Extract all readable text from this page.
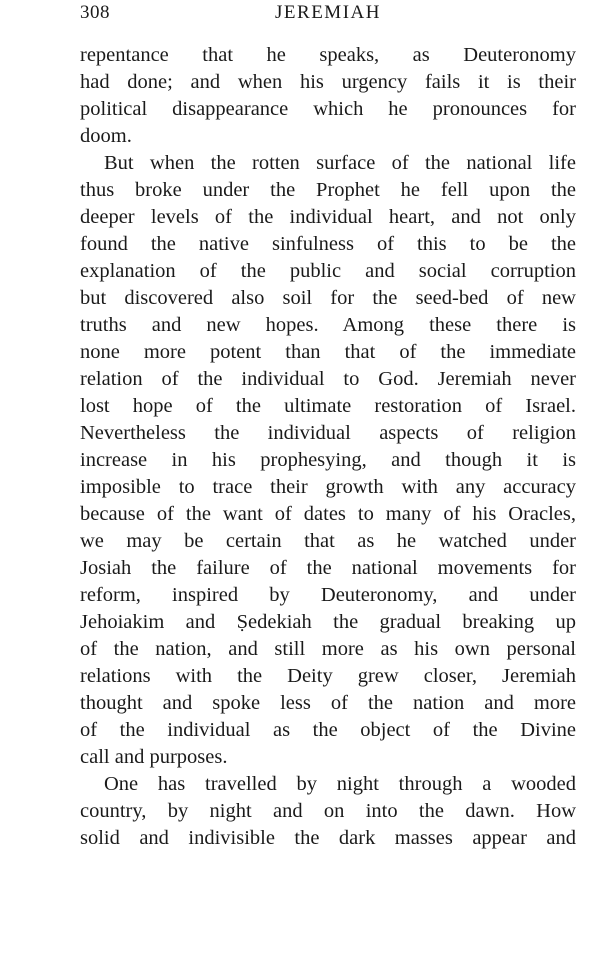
308	JEREMIAH
repentance that he speaks, as Deuteronomy
had done; and when his urgency fails it is their
political disappearance which he pronounces for
doom.
But when the rotten surface of the national life
thus broke under the Prophet he fell upon the
deeper levels of the individual heart, and not only
found the native sinfulness of this to be the
explanation of the public and social corruption
but discovered also soil for the seed-bed of new
truths and new hopes. Among these there is
none more potent than that of the immediate
relation of the individual to God. Jeremiah never
lost hope of the ultimate restoration of Israel.
Nevertheless the individual aspects of religion
increase in his prophesying, and though it is
imposible to trace their growth with any accuracy
because of the want of dates to many of his Oracles,
we may be certain that as he watched under
Josiah the failure of the national movements for
reform, inspired by Deuteronomy, and under
Jehoiakim and Ṣedekiah the gradual breaking up
of the nation, and still more as his own personal
relations with the Deity grew closer, Jeremiah
thought and spoke less of the nation and more
of the individual as the object of the Divine
call and purposes.
One has travelled by night through a wooded
country, by night and on into the dawn. How
solid and indivisible the dark masses appear and
